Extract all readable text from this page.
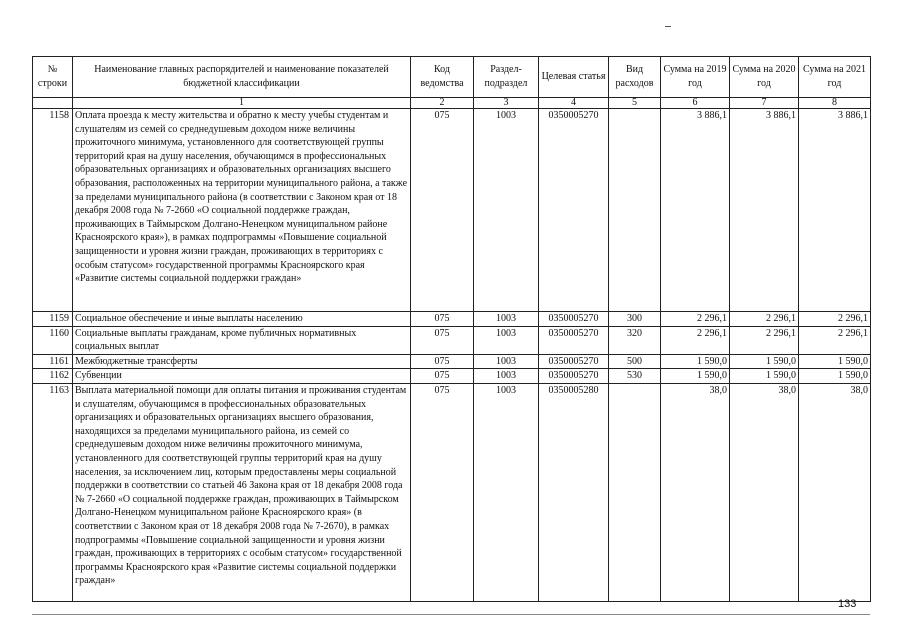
№ строки	Наименование главных распорядителей и наименование показателей бюджетной классификации	Код ведомства	Раздел-подраздел	Целевая статья	Вид расходов	Сумма на 2019 год	Сумма на 2020 год	Сумма на 2021 год
	1	2	3	4	5	6	7	8
1158	Оплата проезда к месту жительства и обратно к месту учебы студентам и слушателям из семей со среднедушевым доходом ниже величины прожиточного минимума, установленного для соответствующей группы территорий края на душу населения, обучающимся в профессиональных образовательных организациях и образовательных организациях высшего образования, расположенных на территории муниципального района, а также за пределами муниципального района (в соответствии с Законом края от 18 декабря 2008 года № 7-2660 «О социальной поддержке граждан, проживающих в Таймырском Долгано-Ненецком муниципальном районе Красноярского края»), в рамках подпрограммы «Повышение социальной защищенности и уровня жизни граждан, проживающих в территориях с особым статусом» государственной программы Красноярского края «Развитие системы социальной поддержки граждан»	075	1003	0350005270		3 886,1	3 886,1	3 886,1
1159	Социальное обеспечение и иные выплаты населению	075	1003	0350005270	300	2 296,1	2 296,1	2 296,1
1160	Социальные выплаты гражданам, кроме публичных нормативных социальных выплат	075	1003	0350005270	320	2 296,1	2 296,1	2 296,1
1161	Межбюджетные трансферты	075	1003	0350005270	500	1 590,0	1 590,0	1 590,0
1162	Субвенции	075	1003	0350005270	530	1 590,0	1 590,0	1 590,0
1163	Выплата материальной помощи для оплаты питания и проживания студентам и слушателям, обучающимся в профессиональных образовательных организациях и образовательных организациях высшего образования, находящихся за пределами муниципального района, из семей со среднедушевым доходом ниже величины прожиточного минимума, установленного для соответствующей группы территорий края на душу населения, за исключением лиц, которым предоставлены меры социальной поддержки в соответствии со статьей 46 Закона края от 18 декабря 2008 года № 7-2660 «О социальной поддержке граждан, проживающих в Таймырском Долгано-Ненецком муниципальном районе Красноярского края» (в соответствии с Законом края от 18 декабря 2008 года № 7-2670), в рамках подпрограммы «Повышение социальной защищенности и уровня жизни граждан, проживающих в территориях с особым статусом» государственной программы Красноярского края «Развитие системы социальной поддержки граждан»	075	1003	0350005280		38,0	38,0	38,0
133
